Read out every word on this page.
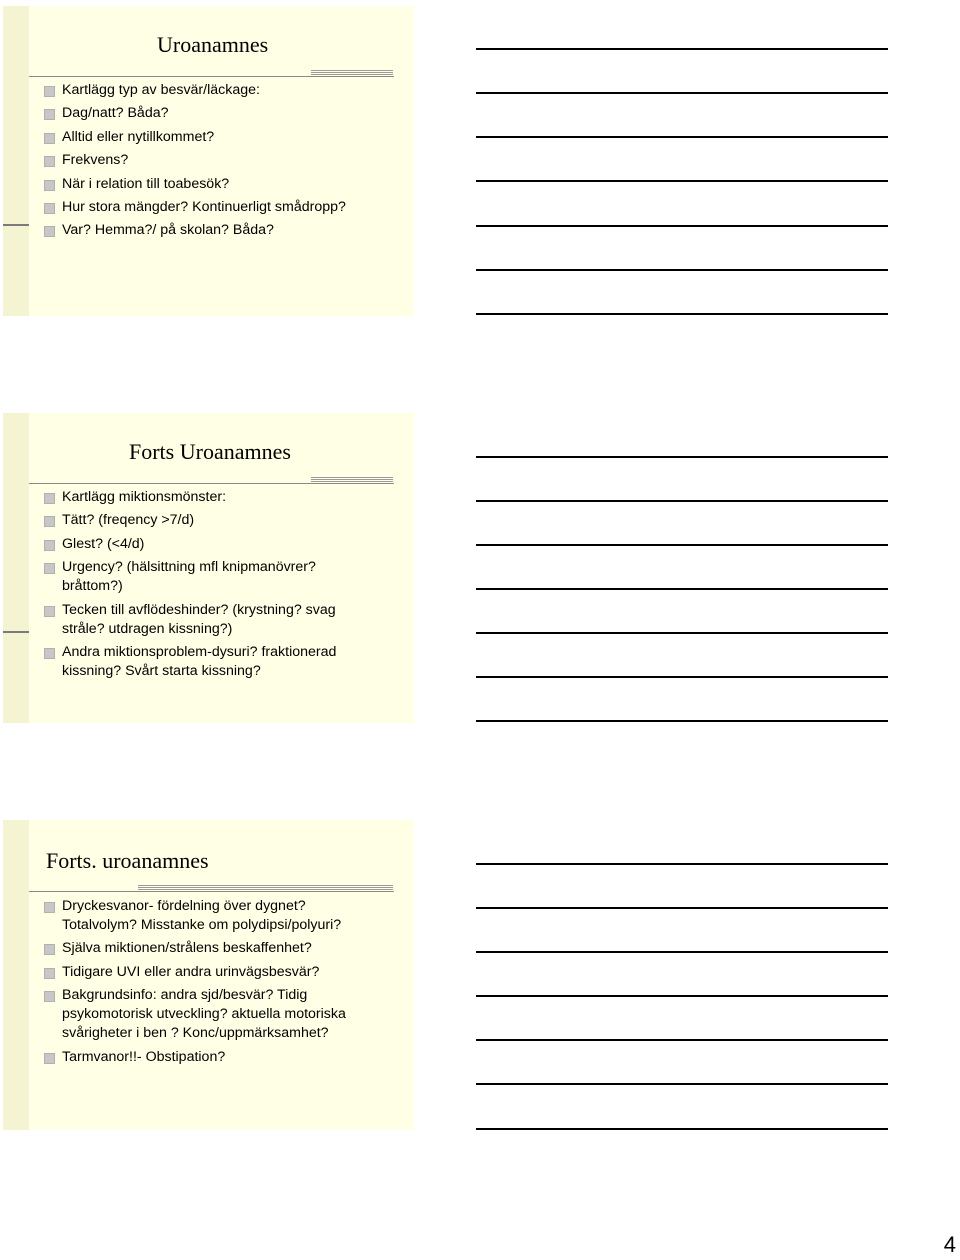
Uroanamnes
Kartlägg typ av besvär/läckage:
Dag/natt? Båda?
Alltid eller nytillkommet?
Frekvens?
När i relation till toabesök?
Hur stora mängder? Kontinuerligt smådropp?
Var? Hemma?/ på skolan? Båda?
Forts Uroanamnes
Kartlägg miktionsmönster:
Tätt? (freqency >7/d)
Glest? (<4/d)
Urgency? (hälsittning mfl knipmanövrer? bråttom?)
Tecken till avflödeshinder? (krystning? svag stråle? utdragen kissning?)
Andra miktionsproblem-dysuri? fraktionerad kissning? Svårt starta kissning?
Forts. uroanamnes
Dryckesvanor- fördelning över dygnet? Totalvolym? Misstanke om polydipsi/polyuri?
Själva miktionen/strålens beskaffenhet?
Tidigare UVI eller andra urinvägsbesvär?
Bakgrundsinfo: andra sjd/besvär? Tidig psykomotorisk utveckling? aktuella motoriska svårigheter i ben ? Konc/uppmärksamhet?
Tarmvanor!!- Obstipation?
4
